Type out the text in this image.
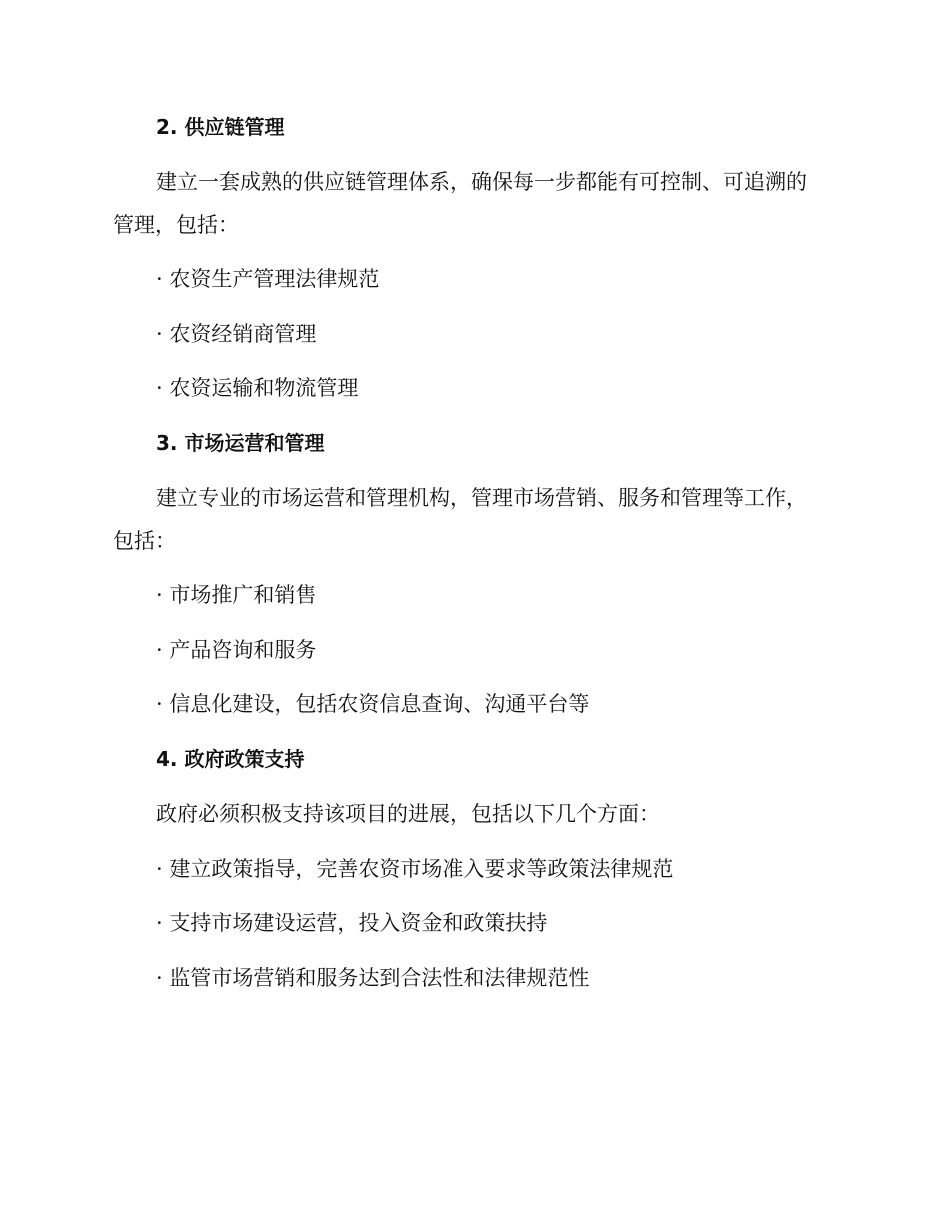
2. 供应链管理
建立一套成熟的供应链管理体系，确保每一步都能有可控制、可追溯的
管理，包括：
· 农资生产管理法律规范
· 农资经销商管理
· 农资运输和物流管理
3. 市场运营和管理
建立专业的市场运营和管理机构，管理市场营销、服务和管理等工作，
包括：
· 市场推广和销售
· 产品咨询和服务
· 信息化建设，包括农资信息查询、沟通平台等
4. 政府政策支持
政府必须积极支持该项目的进展，包括以下几个方面：
· 建立政策指导，完善农资市场准入要求等政策法律规范
· 支持市场建设运营，投入资金和政策扶持
· 监管市场营销和服务达到合法性和法律规范性
